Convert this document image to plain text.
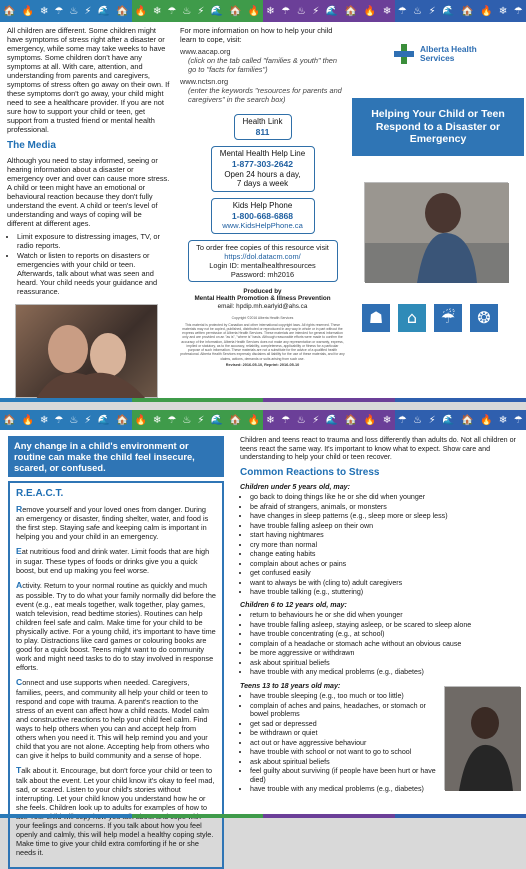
🏠 🔥 ❄ ☂ ♨ ⚡ 🌊 🏠 🔥 ❄ ☂ ♨ ⚡ 🌊 🏠 🔥 ❄ ☂ ♨ ⚡ 🌊 🏠 🔥 ❄ ☂ ♨ ⚡ 🌊 🏠 🔥 ❄ ☂

All children are different. Some children might have symptoms of stress right after a disaster or emergency, while some may take weeks to have symptoms. Some children don't have any symptoms at all. With care, attention, and understanding from parents and caregivers, symptoms of stress often go away on their own. If these symptoms don't go away, your child might need to see a healthcare provider. If you are not sure how to support your child or teen, get support from a trusted friend or mental health professional.

The Media

Although you need to stay informed, seeing or hearing information about a disaster or emergency over and over can cause more stress. A child or teen might have an emotional or behavioural reaction because they don't fully understand the event. A child or teen's level of understanding and ways of coping will be different at different ages.

• Limit exposure to distressing images, TV, or radio reports.
• Watch or listen to reports on disasters or emergencies with your child or teen. Afterwards, talk about what was seen and heard. Your child needs your guidance and reassurance.

For more information on how to help your child learn to cope, visit:

www.aacap.org
(click on the tab called "families & youth" then go to "facts for families")
www.nctsn.org
(enter the keywords "resources for parents and caregivers" in the search box)
Health Link
811
Mental Health Help Line
1-877-303-2642
Open 24 hours a day,
7 days a week
Kids Help Phone
1-800-668-6868
www.KidsHelpPhone.ca
To order free copies of this resource visit
https://dol.datacm.com/
Login ID: mentalhealthresources
Password: mh2016
Produced by
Mental Health Promotion & Illness Prevention
email: hpdip.mh.earlyid@ahs.ca
Copyright ©2016 Alberta Health Services
This material is protected by Canadian and other international copyright laws. All rights reserved. These materials may not be copied, published, distributed or reproduced in any way in whole or in part without the express written permission of Alberta Health Services. These materials are intended for general information only and are provided on an "as is", "where is" basis. Although reasonable efforts were made to confirm the accuracy of the information, Alberta Health Services does not make any representation or warranty, express, implied or statutory, as to the accuracy, reliability, completeness, applicability or fitness for a particular purpose of such information. These materials are not a substitute for the advice of a qualified health professional. Alberta Health Services expressly disclaims all liability for the use of these materials, and for any claims, actions, demands or suits arising from such use.
Revised: 2016-05-10, Reprint: 2016-05-10
Alberta Health
Services
Helping Your Child or Teen Respond to a Disaster or Emergency
☗	⌂	☔	❂
🏠 🔥 ❄ ☂ ♨ ⚡ 🌊 🏠 🔥 ❄ ☂ ♨ ⚡ 🌊 🏠 🔥 ❄ ☂ ♨ ⚡ 🌊 🏠 🔥 ❄ ☂ ♨ ⚡ 🌊 🏠 🔥 ❄ ☂
Any change in a child's environment or routine can make the child feel insecure, scared, or confused.
R.E.A.C.T.

Remove yourself and your loved ones from danger. During an emergency or disaster, finding shelter, water, and food is the first step. Staying safe and keeping calm is important in helping you and your child in an emergency.

Eat nutritious food and drink water. Limit foods that are high in sugar. These types of foods or drinks give you a quick boost, but end up making you feel worse.

Activity. Return to your normal routine as quickly and much as possible. Try to do what your family normally did before the event (e.g., eat meals together, walk together, play games, watch television, read bedtime stories). Routines can help children feel safe and calm. Make time for your child to be physically active. For a young child, it's important to have time to play. Distractions like card games or colouring books are good for a quick boost. Teens might want to do community work and might need tasks to do to stay involved in response efforts.

Connect and use supports when needed. Caregivers, families, peers, and community all help your child or teen to respond and cope with trauma. A parent's reaction to the stress of an event can affect how a child reacts. Model calm and constructive reactions to help your child feel calm. Find ways to help others when you can and accept help from others when you need it. This will help remind you and your child that you are not alone. Accepting help from others who can give it helps to build community and a sense of hope.

Talk about it. Encourage, but don't force your child or teen to talk about the event. Let your child know it's okay to feel mad, sad, or scared. Listen to your child's stories without interrupting. Let your child know you understand how he or she feels. Children look up to adults for examples of how to your feelings and concerns. If you talk about how you feel openly and calmly, this will help model a healthy coping style. Make time to give your child extra comforting if he or she needs it.

Children and teens react to trauma and loss differently than adults do. Not all children or teens react the same way. It's important to know what to expect. Show care and understanding to help your child or teen recover.

Common Reactions to Stress
Children under 5 years old, may:
• go back to doing things like he or she did when younger
• be afraid of strangers, animals, or monsters
• have changes in sleep patterns (e.g., sleep more or sleep less)
• have trouble falling asleep on their own
• start having nightmares
• cry more than normal
• change eating habits
• complain about aches or pains
• get confused easily
• want to always be with (cling to) adult caregivers
• have trouble talking (e.g., stuttering)
Children 6 to 12 years old, may:
• return to behaviours he or she did when younger
• have trouble falling asleep, staying asleep, or be scared to sleep alone
• have trouble concentrating (e.g., at school)
• complain of a headache or stomach ache without an obvious cause
• be more aggressive or withdrawn
• ask about spiritual beliefs
• have trouble with any medical problems (e.g., diabetes)
Teens 13 to 18 years old may:
• have trouble sleeping (e.g., too much or too little)
• complain of aches and pains, headaches, or stomach or bowel problems
• get sad or depressed
• be withdrawn or quiet
• act out or have aggressive behaviour
• have trouble with school or not want to go to school
• ask about spiritual beliefs
• feel guilty about surviving (if people have been hurt or have died)
• have trouble with any medical problems (e.g., diabetes)
